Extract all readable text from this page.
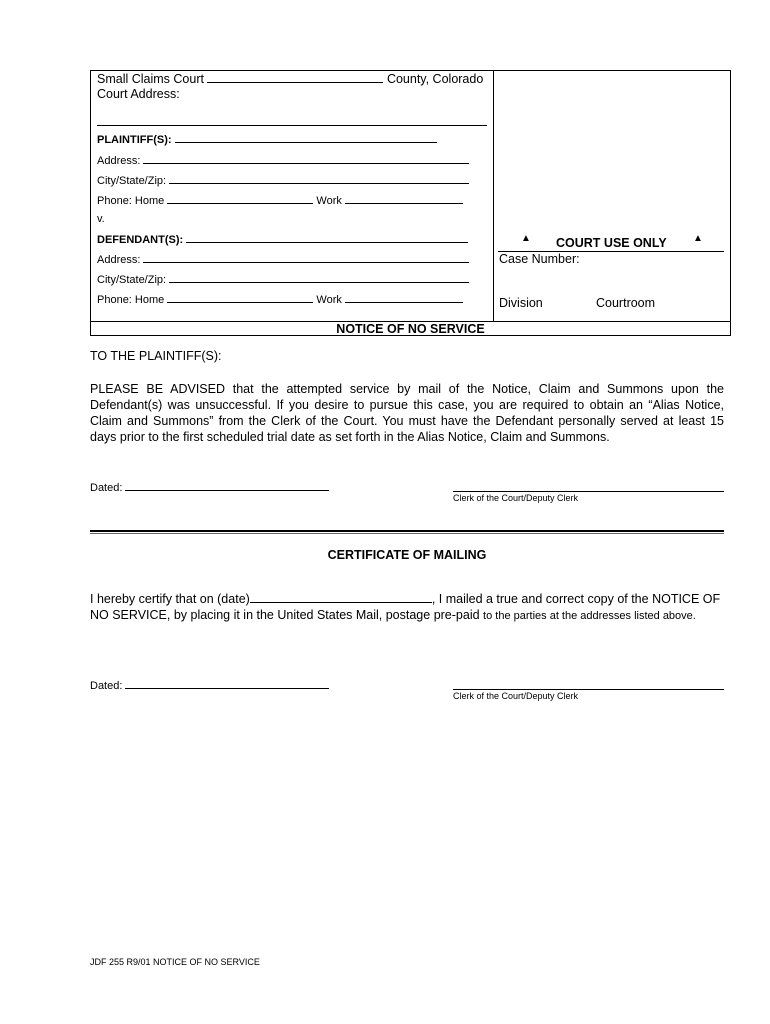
Small Claims Court	County, Colorado
Court Address:
PLAINTIFF(S):
Address:
City/State/Zip:
Phone: Home	Work
v.
DEFENDANT(S):
Address:
City/State/Zip:
Phone: Home	Work
▲ COURT USE ONLY	▲
Case Number:
Division	Courtroom
NOTICE OF NO SERVICE
TO THE PLAINTIFF(S):
PLEASE BE ADVISED that the attempted service by mail of the Notice, Claim and Summons upon the Defendant(s) was unsuccessful. If you desire to pursue this case, you are required to obtain an “Alias Notice, Claim and Summons” from the Clerk of the Court. You must have the Defendant personally served at least 15 days prior to the first scheduled trial date as set forth in the Alias Notice, Claim and Summons.
Dated:
Clerk of the Court/Deputy Clerk
CERTIFICATE OF MAILING
I hereby certify that on (date)	, I mailed a true and correct copy of the NOTICE OF NO SERVICE, by placing it in the United States Mail, postage pre-paid to the parties at the addresses listed above.
Dated:
Clerk of the Court/Deputy Clerk
JDF 255 R9/01 NOTICE OF NO SERVICE
